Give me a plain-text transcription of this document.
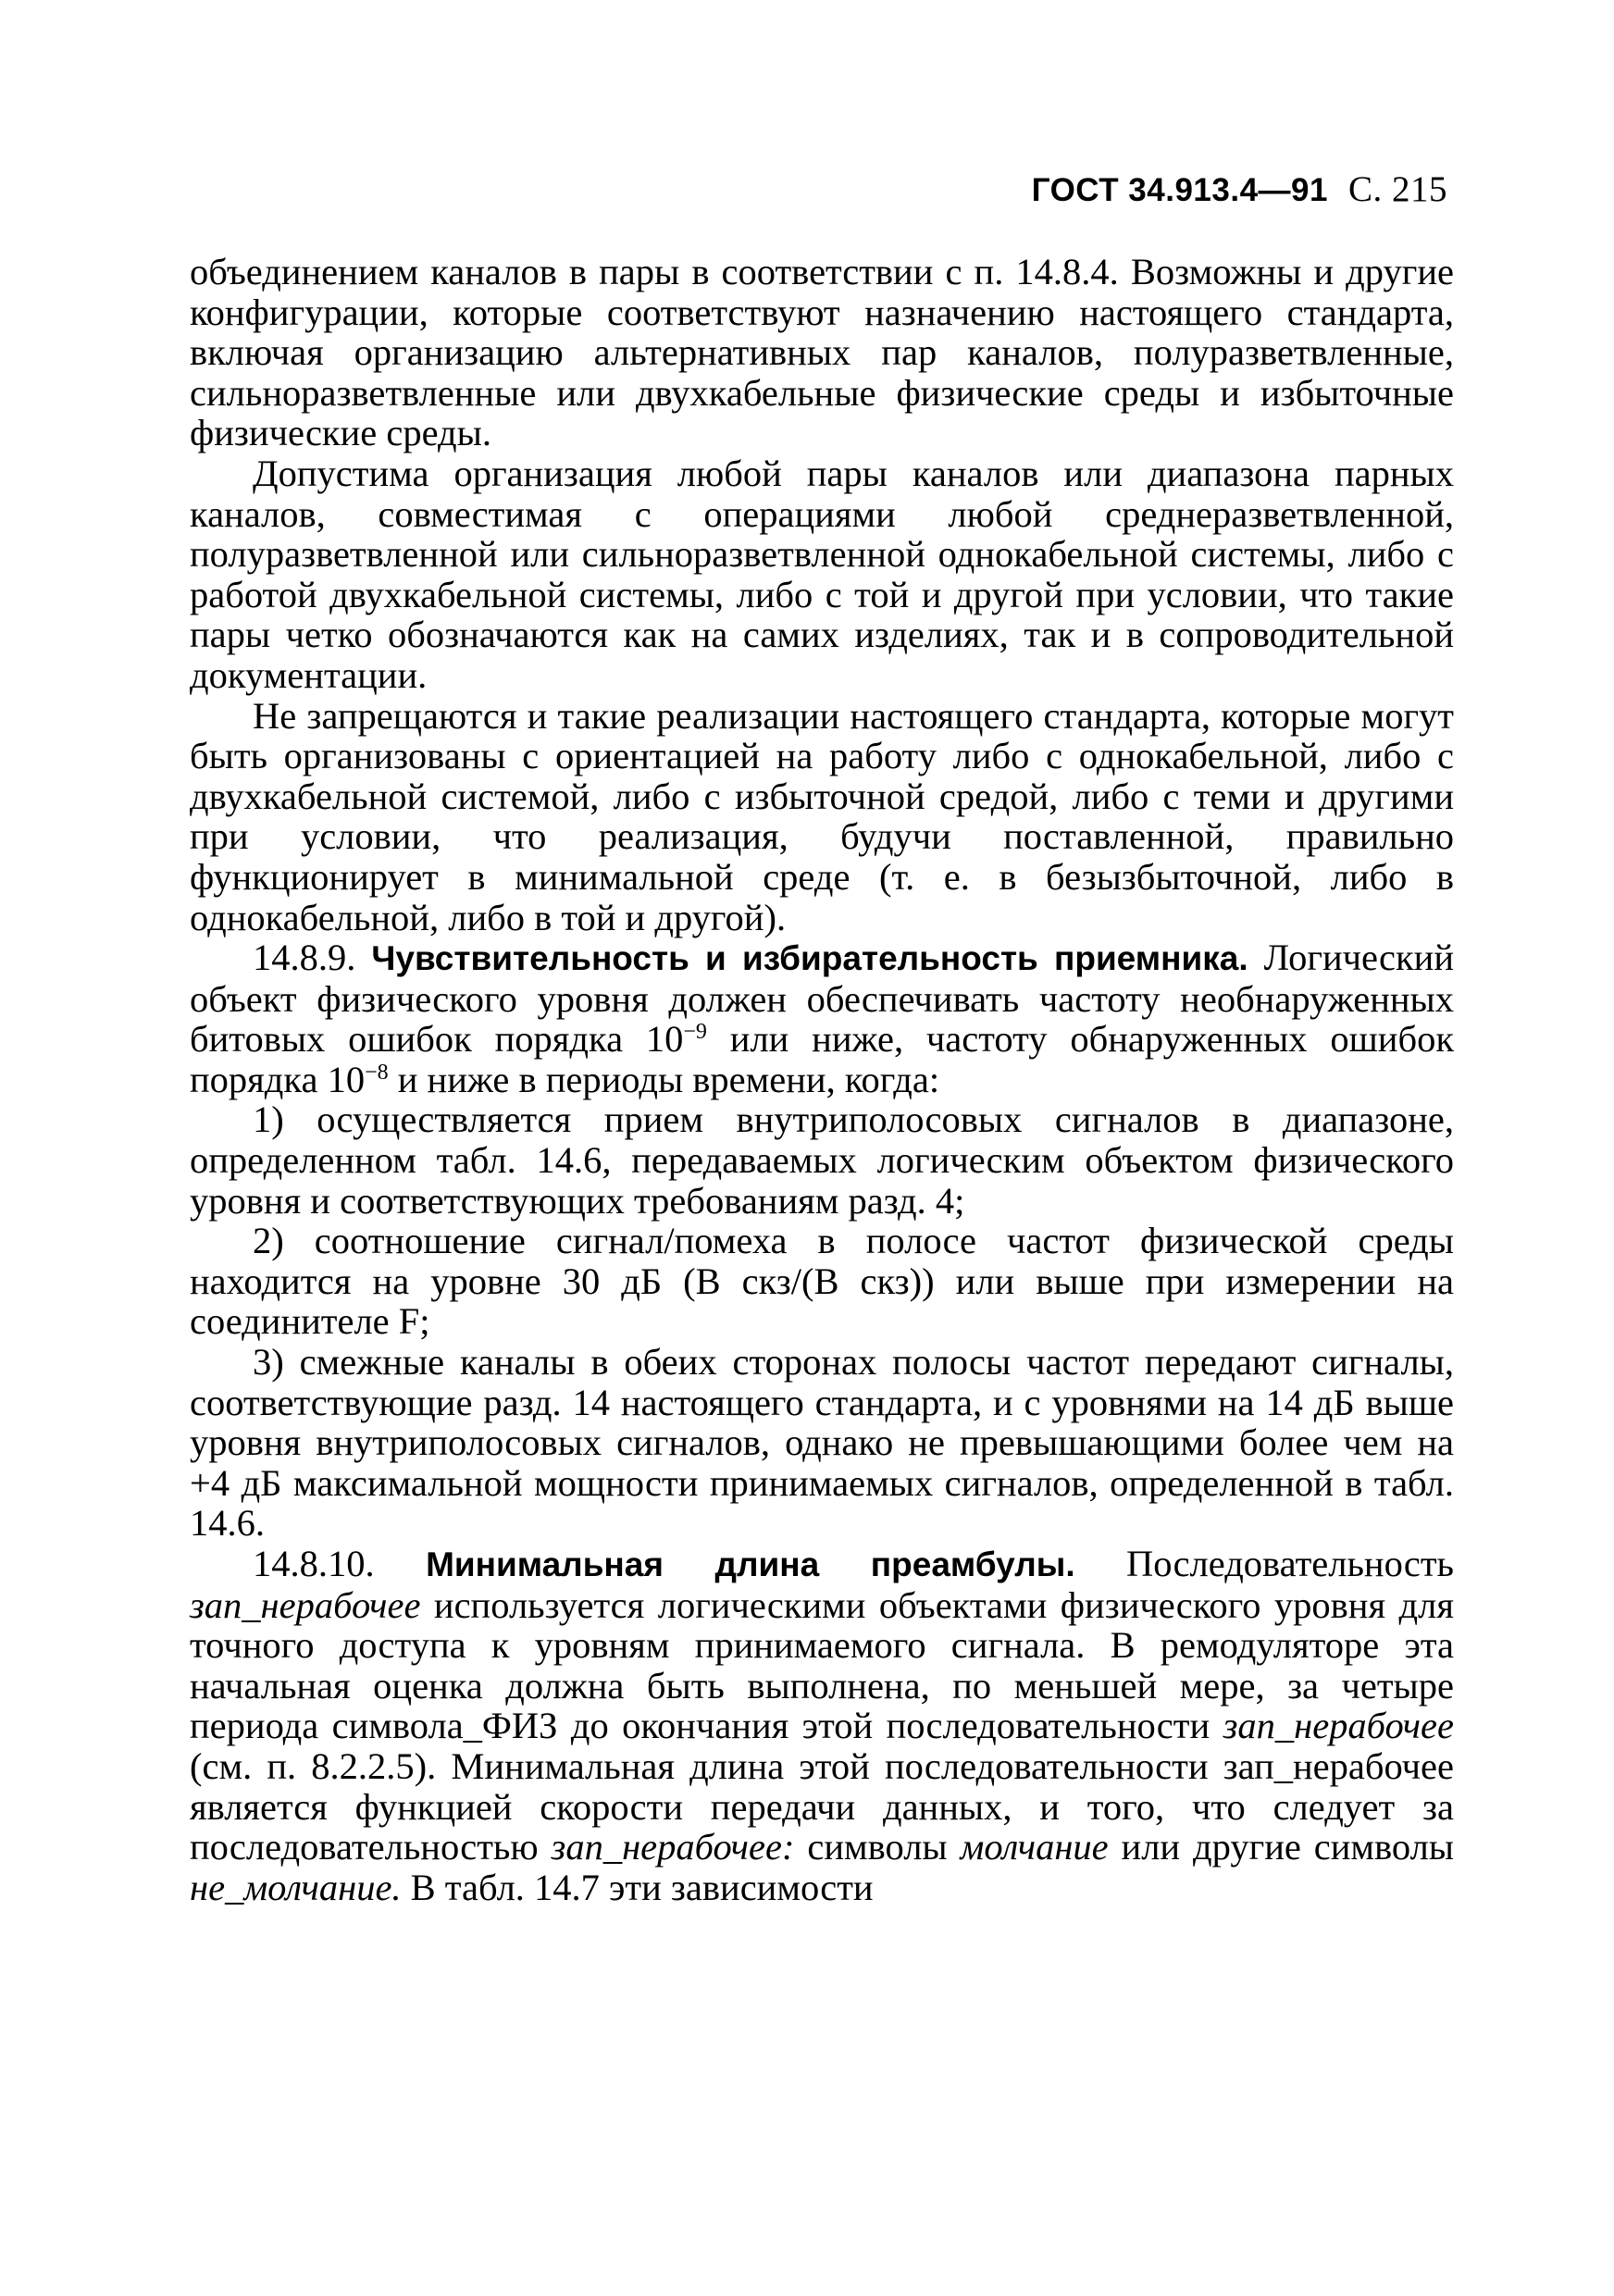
ГОСТ 34.913.4—91 С. 215

объединением каналов в пары в соответствии с п. 14.8.4. Возможны и другие конфигурации, которые соответствуют назначению настоящего стандарта, включая организацию альтернативных пар каналов, полуразветвленные, сильноразветвленные или двухкабельные физические среды и избыточные физические среды.

Допустима организация любой пары каналов или диапазона парных каналов, совместимая с операциями любой среднеразветвленной, полуразветвленной или сильноразветвленной однокабельной системы, либо с работой двухкабельной системы, либо с той и другой при условии, что такие пары четко обозначаются как на самих изделиях, так и в сопроводительной документации.

Не запрещаются и такие реализации настоящего стандарта, которые могут быть организованы с ориентацией на работу либо с однокабельной, либо с двухкабельной системой, либо с избыточной средой, либо с теми и другими при условии, что реализация, будучи поставленной, правильно функционирует в минимальной среде (т. е. в безызбыточной, либо в однокабельной, либо в той и другой).

14.8.9. Чувствительность и избирательность приемника. Логический объект физического уровня должен обеспечивать частоту необнаруженных битовых ошибок порядка $10^{-9}$ или ниже, частоту обнаруженных ошибок порядка $10^{-8}$ и ниже в периоды времени, когда:

1) осуществляется прием внутриполосовых сигналов в диапазоне, определенном табл. 14.6, передаваемых логическим объектом физического уровня и соответствующих требованиям разд. 4;

2) соотношение сигнал/помеха в полосе частот физической среды находится на уровне 30 дБ (В скз/(В скз)) или выше при измерении на соединителе F;

3) смежные каналы в обеих сторонах полосы частот передают сигналы, соответствующие разд. 14 настоящего стандарта, и с уровнями на 14 дБ выше уровня внутриполосовых сигналов, однако не превышающими более чем на +4 дБ максимальной мощности принимаемых сигналов, определенной в табл. 14.6.

14.8.10. Минимальная длина преамбулы. Последовательность зап_нерабочее используется логическими объектами физического уровня для точного доступа к уровням принимаемого сигнала. В ремодуляторе эта начальная оценка должна быть выполнена, по меньшей мере, за четыре периода символа_ФИЗ до окончания этой последовательности зап_нерабочее (см. п. 8.2.2.5). Минимальная длина этой последовательности зап_нерабочее является функцией скорости передачи данных, и того, что следует за последовательностью зап_нерабочее: символы молчание или другие символы не_молчание. В табл. 14.7 эти зависимости
